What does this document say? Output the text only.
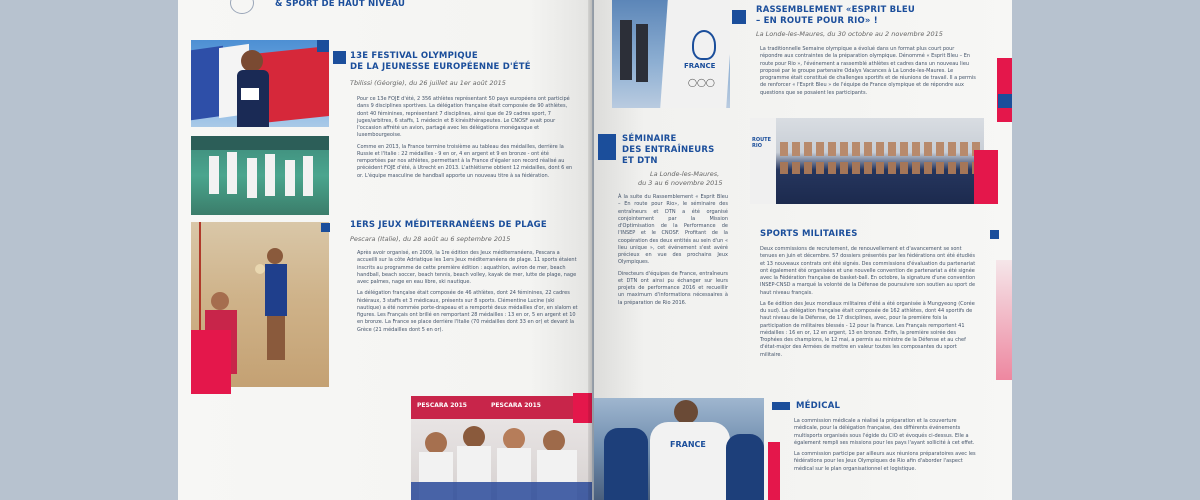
& SPORT DE HAUT NIVEAU
13E FESTIVAL OLYMPIQUE
DE LA JEUNESSE EUROPÉENNE D'ÉTÉ
Tbilissi (Géorgie), du 26 juillet au 1er août 2015

Pour ce 13e FOJE d'été, 2 356 athlètes représentant 50 pays européens ont participé dans 9 disciplines sportives. La délégation française était composée de 90 athlètes, dont 40 féminines, représentant 7 disciplines, ainsi que de 29 cadres sport, 7 juges/arbitres, 6 staffs, 1 médecin et 8 kinésithérapeutes. Le CNOSF avait pour l'occasion affrété un avion, partagé avec les délégations monégasque et luxembourgeoise.

Comme en 2013, la France termine troisième au tableau des médailles, derrière la Russie et l'Italie : 22 médailles - 9 en or, 4 en argent et 9 en bronze - ont été remportées par nos athlètes, permettant à la France d'égaler son record réalisé au précédent FOJE d'été, à Utrecht en 2013. L'athlétisme obtient 12 médailles, dont 6 en or. L'équipe masculine de handball apporte un nouveau titre à sa fédération.

1ERS JEUX MÉDITERRANÉENS DE PLAGE
Pescara (Italie), du 28 août au 6 septembre 2015

Après avoir organisé, en 2009, la 1re édition des Jeux méditerranéens, Pescara a accueilli sur la côte Adriatique les 1ers Jeux méditerranéens de plage. 11 sports étaient inscrits au programme de cette première édition : aquathlon, aviron de mer, beach handball, beach soccer, beach tennis, beach volley, kayak de mer, lutte de plage, nage avec palmes, nage en eau libre, ski nautique.

La délégation française était composée de 46 athlètes, dont 24 féminines, 22 cadres fédéraux, 3 staffs et 3 médicaux, présents sur 8 sports. Clémentine Lucine (ski nautique) a été nommée porte-drapeau et a remporté deux médailles d'or, en slalom et figures. Les Français ont brillé en remportant 28 médailles : 13 en or, 5 en argent et 10 en bronze. La France se place derrière l'Italie (70 médailles dont 33 en or) et devant la Grèce (21 médailles dont 5 en or).

PESCARA 2015	PESCARA 2015
FRANCE
◯◯◯
RASSEMBLEMENT «ESPRIT BLEU
– EN ROUTE POUR RIO» !
La Londe-les-Maures, du 30 octobre au 2 novembre 2015

La traditionnelle Semaine olympique a évolué dans un format plus court pour répondre aux contraintes de la préparation olympique. Dénommé « Esprit Bleu – En route pour Rio », l'événement a rassemblé athlètes et cadres dans un nouveau lieu proposé par le groupe partenaire Odalys Vacances à La Londe-les-Maures. Le programme était constitué de challenges sportifs et de réunions de travail. Il a permis de renforcer « l'Esprit Bleu » de l'équipe de France olympique et de répondre aux questions que se posaient les participants.

SÉMINAIRE
DES ENTRAÎNEURS
ET DTN
La Londe-les-Maures,
du 3 au 6 novembre 2015

À la suite du Rassemblement « Esprit Bleu – En route pour Rio», le séminaire des entraîneurs et DTN a été organisé conjointement par la Mission d'Optimisation de la Performance de l'INSEP et le CNOSF. Profitant de la coopération des deux entités au sein d'un « lieu unique », cet événement s'est avéré précieux en vue des prochains Jeux Olympiques.

Directeurs d'équipes de France, entraîneurs et DTN ont ainsi pu échanger sur leurs projets de performance 2016 et recueillir un maximum d'informations nécessaires à la préparation de Rio 2016.

ROUTE RIO
SPORTS MILITAIRES

Deux commissions de recrutement, de renouvellement et d'avancement se sont tenues en juin et décembre. 57 dossiers présentés par les fédérations ont été étudiés et 13 nouveaux contrats ont été signés. Des commissions d'évaluation du partenariat ont également été organisées et une nouvelle convention de partenariat a été signée avec la Fédération française de basket-ball. En octobre, la signature d'une convention INSEP-CNSD a marqué la volonté de la Défense de poursuivre son soutien au sport de haut niveau français.

La 6e édition des Jeux mondiaux militaires d'été a été organisée à Mungyeong (Corée du sud). La délégation française était composée de 162 athlètes, dont 44 sportifs de haut niveau de la Défense, de 17 disciplines, avec, pour la première fois la participation de militaires blessés - 12 pour la France. Les Français remportent 41 médailles : 16 en or, 12 en argent, 13 en bronze. Enfin, la première soirée des Trophées des champions, le 12 mai, a permis au ministre de la Défense et au chef d'état-major des Armées de mettre en valeur toutes les composantes du sport militaire.

FRANCE
MÉDICAL

La commission médicale a réalisé la préparation et la couverture médicale, pour la délégation française, des différents événements multisports organisés sous l'égide du CIO et évoqués ci-dessus. Elle a également rempli ses missions pour les pays l'ayant sollicité à cet effet.

La commission participe par ailleurs aux réunions préparatoires avec les fédérations pour les Jeux Olympiques de Rio afin d'aborder l'aspect médical sur le plan organisationnel et logistique.
